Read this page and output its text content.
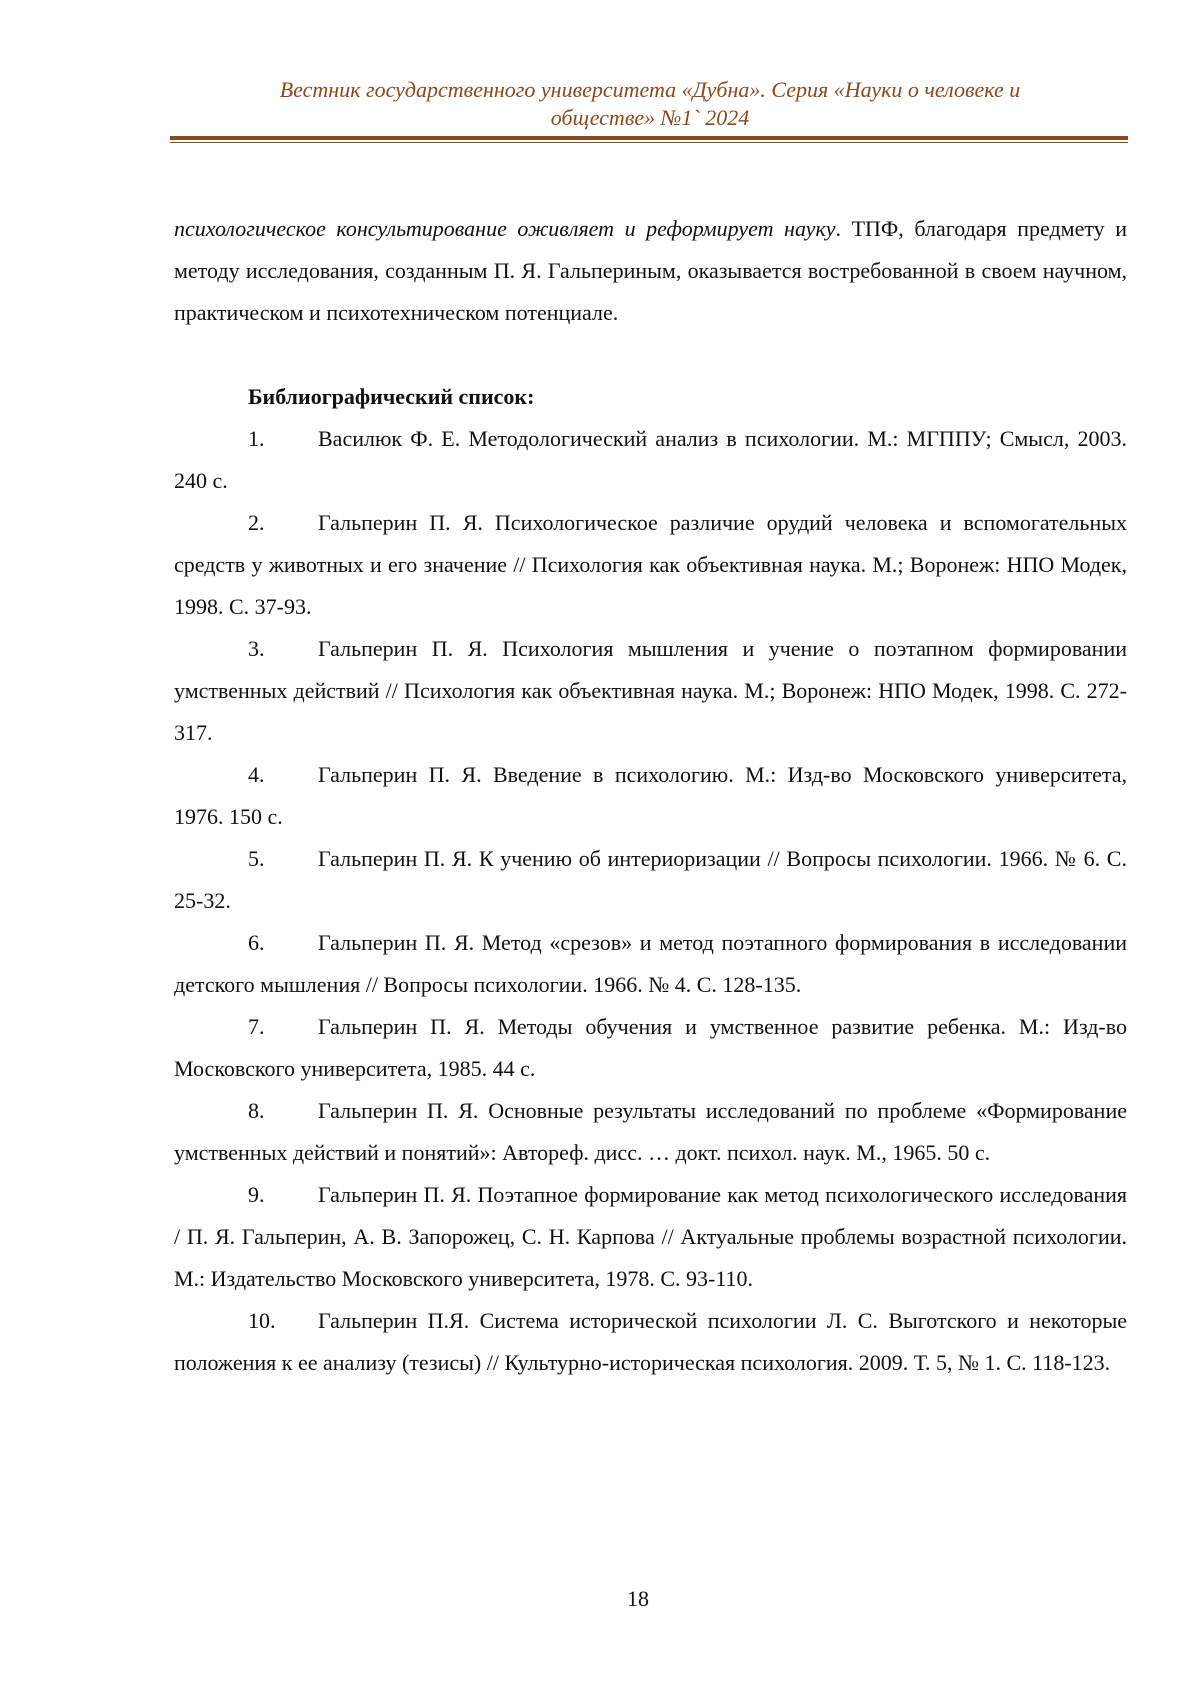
Вестник государственного университета «Дубна». Серия «Науки о человеке и
обществе» №1` 2024

психологическое консультирование оживляет и реформирует науку. ТПФ, благодаря предмету и методу исследования, созданным П. Я. Гальпериным, оказывается востребованной в своем научном, практическом и психотехническом потенциале.

Библиографический список:
1. Василюк Ф. Е. Методологический анализ в психологии. М.: МГППУ; Смысл, 2003. 240 с.
2. Гальперин П. Я. Психологическое различие орудий человека и вспомогательных средств у животных и его значение // Психология как объективная наука. М.; Воронеж: НПО Модек, 1998. С. 37-93.
3. Гальперин П. Я. Психология мышления и учение о поэтапном формировании умственных действий // Психология как объективная наука. М.; Воронеж: НПО Модек, 1998. С. 272-317.
4. Гальперин П. Я. Введение в психологию. М.: Изд-во Московского университета, 1976. 150 с.
5. Гальперин П. Я. К учению об интериоризации // Вопросы психологии. 1966. № 6. С. 25-32.
6. Гальперин П. Я. Метод «срезов» и метод поэтапного формирования в исследовании детского мышления // Вопросы психологии. 1966. № 4. С. 128-135.
7. Гальперин П. Я. Методы обучения и умственное развитие ребенка. М.: Изд-во Московского университета, 1985. 44 с.
8. Гальперин П. Я. Основные результаты исследований по проблеме «Формирование умственных действий и понятий»: Автореф. дисс. … докт. психол. наук. М., 1965. 50 с.
9. Гальперин П. Я. Поэтапное формирование как метод психологического исследования / П. Я. Гальперин, А. В. Запорожец, С. Н. Карпова // Актуальные проблемы возрастной психологии. М.: Издательство Московского университета, 1978. С. 93-110.
10. Гальперин П.Я. Система исторической психологии Л. С. Выготского и некоторые положения к ее анализу (тезисы) // Культурно-историческая психология. 2009. Т. 5, № 1. С. 118-123.
18
